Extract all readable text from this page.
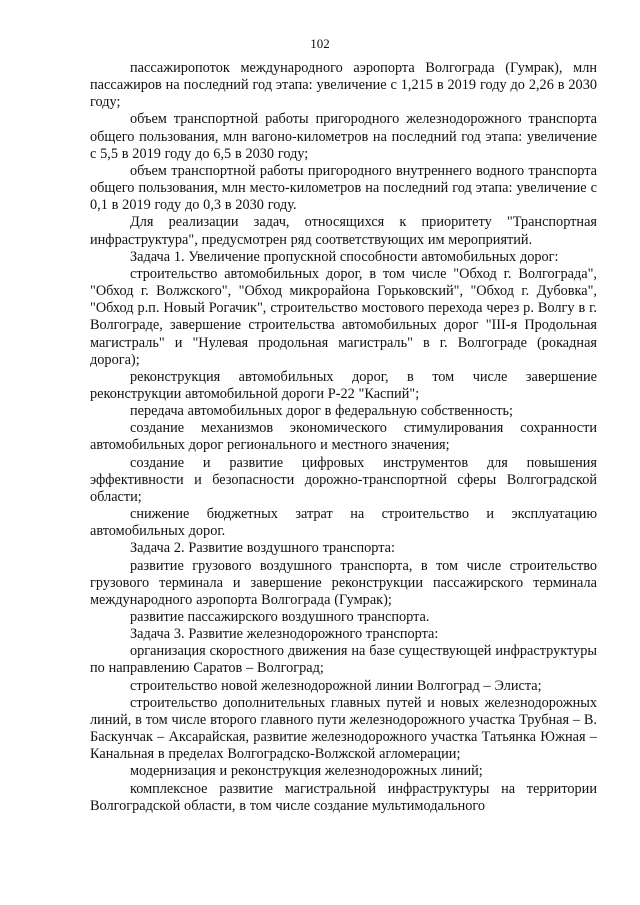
102

пассажиропоток международного аэропорта Волгограда (Гумрак), млн пассажиров на последний год этапа: увеличение с 1,215 в 2019 году до 2,26 в 2030 году;

объем транспортной работы пригородного железнодорожного транспорта общего пользования, млн вагоно-километров на последний год этапа: увеличение с 5,5 в 2019 году до 6,5 в 2030 году;

объем транспортной работы пригородного внутреннего водного транспорта общего пользования, млн место-километров на последний год этапа: увеличение с 0,1 в 2019 году до 0,3 в 2030 году.

Для реализации задач, относящихся к приоритету "Транспортная инфраструктура", предусмотрен ряд соответствующих им мероприятий.

Задача 1. Увеличение пропускной способности автомобильных дорог:

строительство автомобильных дорог, в том числе "Обход г. Волгограда", "Обход г. Волжского", "Обход микрорайона Горьковский", "Обход г. Дубовка", "Обход р.п. Новый Рогачик", строительство мостового перехода через р. Волгу в г. Волгограде, завершение строительства автомобильных дорог "III-я Продольная магистраль" и "Нулевая продольная магистраль" в г. Волгограде (рокадная дорога);

реконструкция автомобильных дорог, в том числе завершение реконструкции автомобильной дороги Р-22 "Каспий";

передача автомобильных дорог в федеральную собственность;

создание механизмов экономического стимулирования сохранности автомобильных дорог регионального и местного значения;

создание и развитие цифровых инструментов для повышения эффективности и безопасности дорожно-транспортной сферы Волгоградской области;

снижение бюджетных затрат на строительство и эксплуатацию автомобильных дорог.

Задача 2. Развитие воздушного транспорта:

развитие грузового воздушного транспорта, в том числе строительство грузового терминала и завершение реконструкции пассажирского терминала международного аэропорта Волгограда (Гумрак);

развитие пассажирского воздушного транспорта.

Задача 3. Развитие железнодорожного транспорта:

организация скоростного движения на базе существующей инфраструктуры по направлению Саратов – Волгоград;

строительство новой железнодорожной линии Волгоград – Элиста;

строительство дополнительных главных путей и новых железнодорожных линий, в том числе второго главного пути железнодорожного участка Трубная – В. Баскунчак – Аксарайская, развитие железнодорожного участка Татьянка Южная – Канальная в пределах Волгоградско-Волжской агломерации;

модернизация и реконструкция железнодорожных линий;

комплексное развитие магистральной инфраструктуры на территории Волгоградской области, в том числе создание мультимодального
